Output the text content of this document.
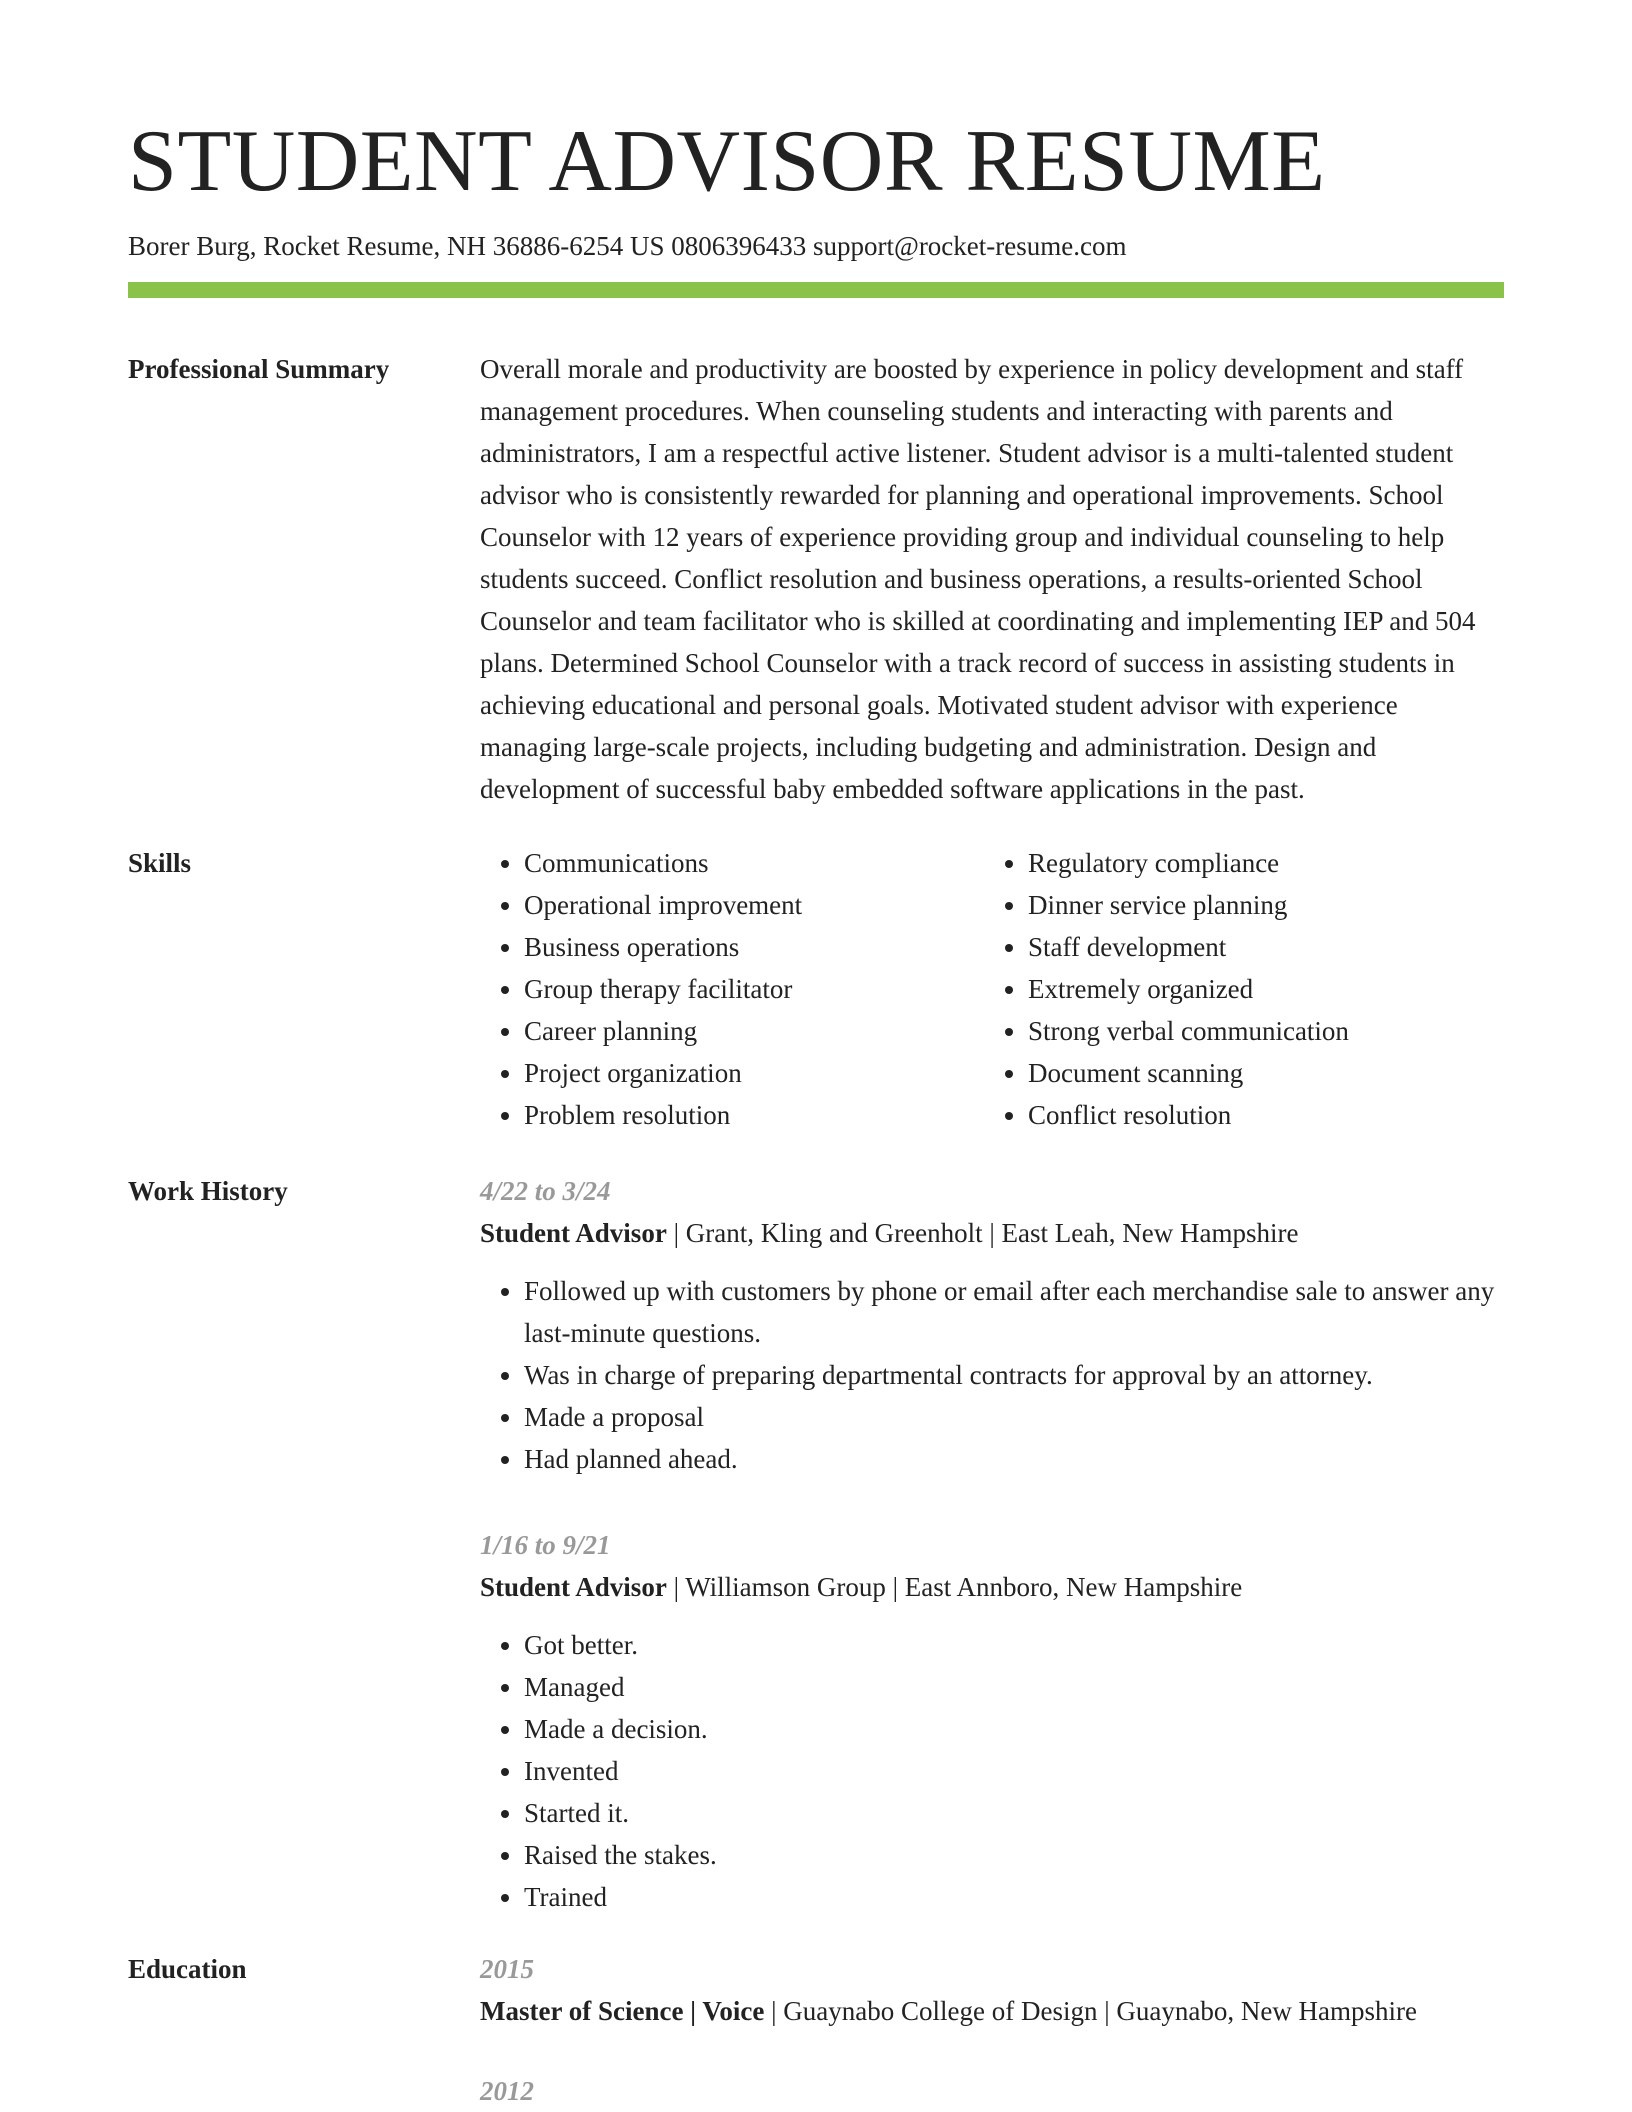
STUDENT ADVISOR RESUME
Borer Burg, Rocket Resume, NH 36886-6254 US 0806396433 support@rocket-resume.com
Professional Summary	Overall morale and productivity are boosted by experience in policy development and staff management procedures. When counseling students and interacting with parents and administrators, I am a respectful active listener. Student advisor is a multi-talented student advisor who is consistently rewarded for planning and operational improvements. School Counselor with 12 years of experience providing group and individual counseling to help students succeed. Conflict resolution and business operations, a results-oriented School Counselor and team facilitator who is skilled at coordinating and implementing IEP and 504 plans. Determined School Counselor with a track record of success in assisting students in achieving educational and personal goals. Motivated student advisor with experience managing large-scale projects, including budgeting and administration. Design and development of successful baby embedded software applications in the past.

Skills
•	Communications
• Operational improvement
• Business operations
• Group therapy facilitator
• Career planning
• Project organization
• Problem resolution
• Regulatory compliance
• Dinner service planning
• Staff development
• Extremely organized
• Strong verbal communication
• Document scanning
• Conflict resolution
Work History	4/22 to 3/24
Student Advisor | Grant, Kling and Greenholt | East Leah, New Hampshire
• Followed up with customers by phone or email after each merchandise sale to answer any last-minute questions.
• Was in charge of preparing departmental contracts for approval by an attorney.
• Made a proposal
• Had planned ahead.
1/16 to 9/21
Student Advisor | Williamson Group | East Annboro, New Hampshire
• Got better.
• Managed
• Made a decision.
• Invented
• Started it.
• Raised the stakes.
• Trained
Education	2015
Master of Science | Voice | Guaynabo College of Design | Guaynabo, New Hampshire
2012
